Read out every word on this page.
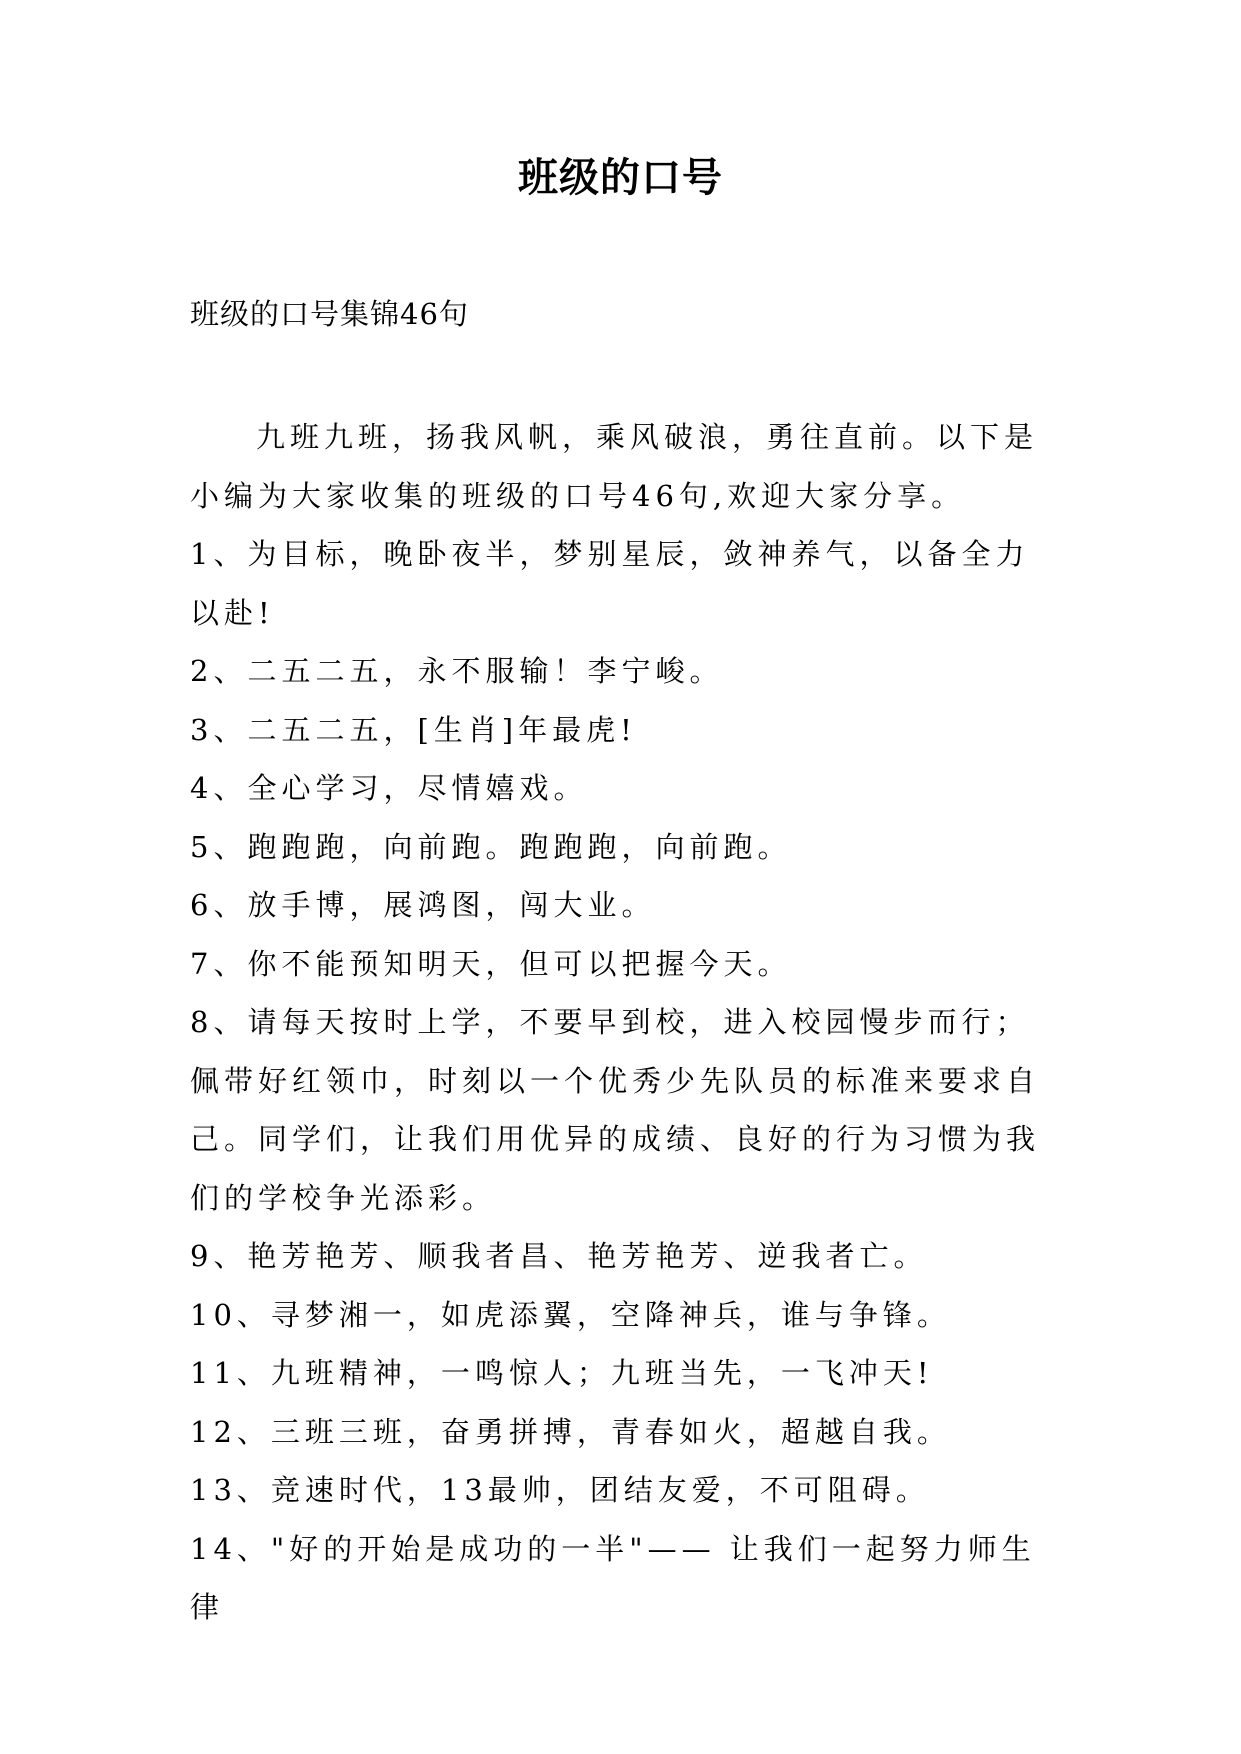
班级的口号
班级的口号集锦46句

九班九班，扬我风帆，乘风破浪，勇往直前。以下是小编为大家收集的班级的口号46句,欢迎大家分享。

1、为目标，晚卧夜半，梦别星辰，敛神养气，以备全力以赴!

2、二五二五，永不服输！李宁峻。

3、二五二五，[生肖]年最虎!

4、全心学习，尽情嬉戏。

5、跑跑跑，向前跑。跑跑跑，向前跑。

6、放手博，展鸿图，闯大业。

7、你不能预知明天，但可以把握今天。

8、请每天按时上学，不要早到校，进入校园慢步而行；佩带好红领巾，时刻以一个优秀少先队员的标准来要求自己。同学们，让我们用优异的成绩、良好的行为习惯为我们的学校争光添彩。

9、艳芳艳芳、顺我者昌、艳芳艳芳、逆我者亡。

10、寻梦湘一，如虎添翼，空降神兵，谁与争锋。

11、九班精神，一鸣惊人；九班当先，一飞冲天!

12、三班三班，奋勇拼搏，青春如火，超越自我。

13、竞速时代，13最帅，团结友爱，不可阻碍。

14、"好的开始是成功的一半"—— 让我们一起努力师生律
